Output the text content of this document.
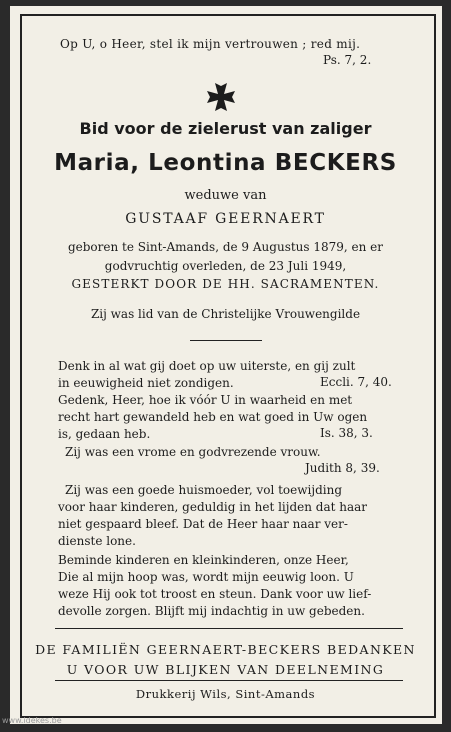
Op U, o Heer, stel ik mijn vertrouwen ; red mij.
Ps. 7, 2.
Bid voor de zielerust van zaliger
Maria, Leontina BECKERS
weduwe van
GUSTAAF GEERNAERT
geboren te Sint-Amands, de 9 Augustus 1879, en er
godvruchtig overleden, de 23 Juli 1949,
GESTERKT DOOR DE HH. SACRAMENTEN.
Zij was lid van de Christelijke Vrouwengilde
Denk in al wat gij doet op uw uiterste, en gij zult
in eeuwigheid niet zondigen.	Eccli. 7, 40.
Gedenk, Heer, hoe ik vóór U in waarheid en met
recht hart gewandeld heb en wat goed in Uw ogen
is, gedaan heb.	Is. 38, 3.
Zij was een vrome en godvrezende vrouw.
Judith 8, 39.
Zij was een goede huismoeder, vol toewijding
voor haar kinderen, geduldig in het lijden dat haar
niet gespaard bleef. Dat de Heer haar naar ver-
dienste lone.
Beminde kinderen en kleinkinderen, onze Heer,
Die al mijn hoop was, wordt mijn eeuwig loon. U
weze Hij ook tot troost en steun. Dank voor uw lief-
devolle zorgen. Blijft mij indachtig in uw gebeden.
DE FAMILIËN GEERNAERT-BECKERS BEDANKEN
U VOOR UW BLIJKEN VAN DEELNEMING
Drukkerij Wils, Sint-Amands
www.idekes.be
